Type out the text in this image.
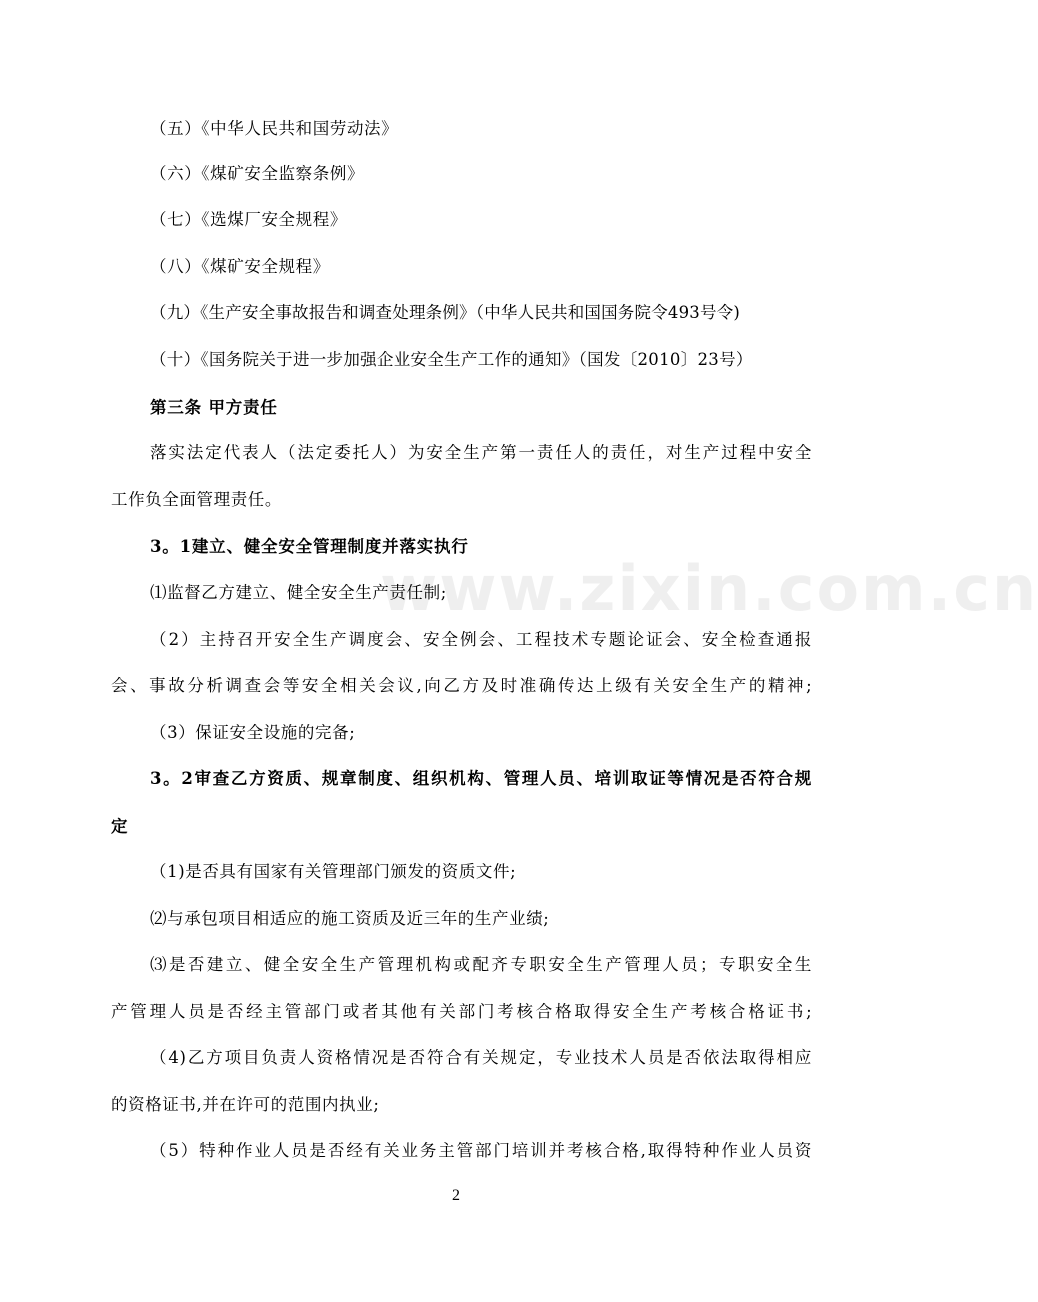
www.zixin.com.cn
（五）《中华人民共和国劳动法》
（六）《煤矿安全监察条例》
（七）《选煤厂安全规程》
（八）《煤矿安全规程》
（九）《生产安全事故报告和调查处理条例》（中华人民共和国国务院令493号令)
（十）《国务院关于进一步加强企业安全生产工作的通知》（国发〔2010〕23号）
第三条 甲方责任
落实法定代表人（法定委托人）为安全生产第一责任人的责任，对生产过程中安全
工作负全面管理责任。
3。1建立、健全安全管理制度并落实执行
⑴监督乙方建立、健全安全生产责任制;
（2）主持召开安全生产调度会、安全例会、工程技术专题论证会、安全检查通报
会、事故分析调查会等安全相关会议,向乙方及时准确传达上级有关安全生产的精神;
（3）保证安全设施的完备;
3。2审查乙方资质、规章制度、组织机构、管理人员、培训取证等情况是否符合规
定
（1)是否具有国家有关管理部门颁发的资质文件;
⑵与承包项目相适应的施工资质及近三年的生产业绩;
⑶是否建立、健全安全生产管理机构或配齐专职安全生产管理人员；专职安全生
产管理人员是否经主管部门或者其他有关部门考核合格取得安全生产考核合格证书;
（4)乙方项目负责人资格情况是否符合有关规定，专业技术人员是否依法取得相应
的资格证书,并在许可的范围内执业;
（5）特种作业人员是否经有关业务主管部门培训并考核合格,取得特种作业人员资
2
